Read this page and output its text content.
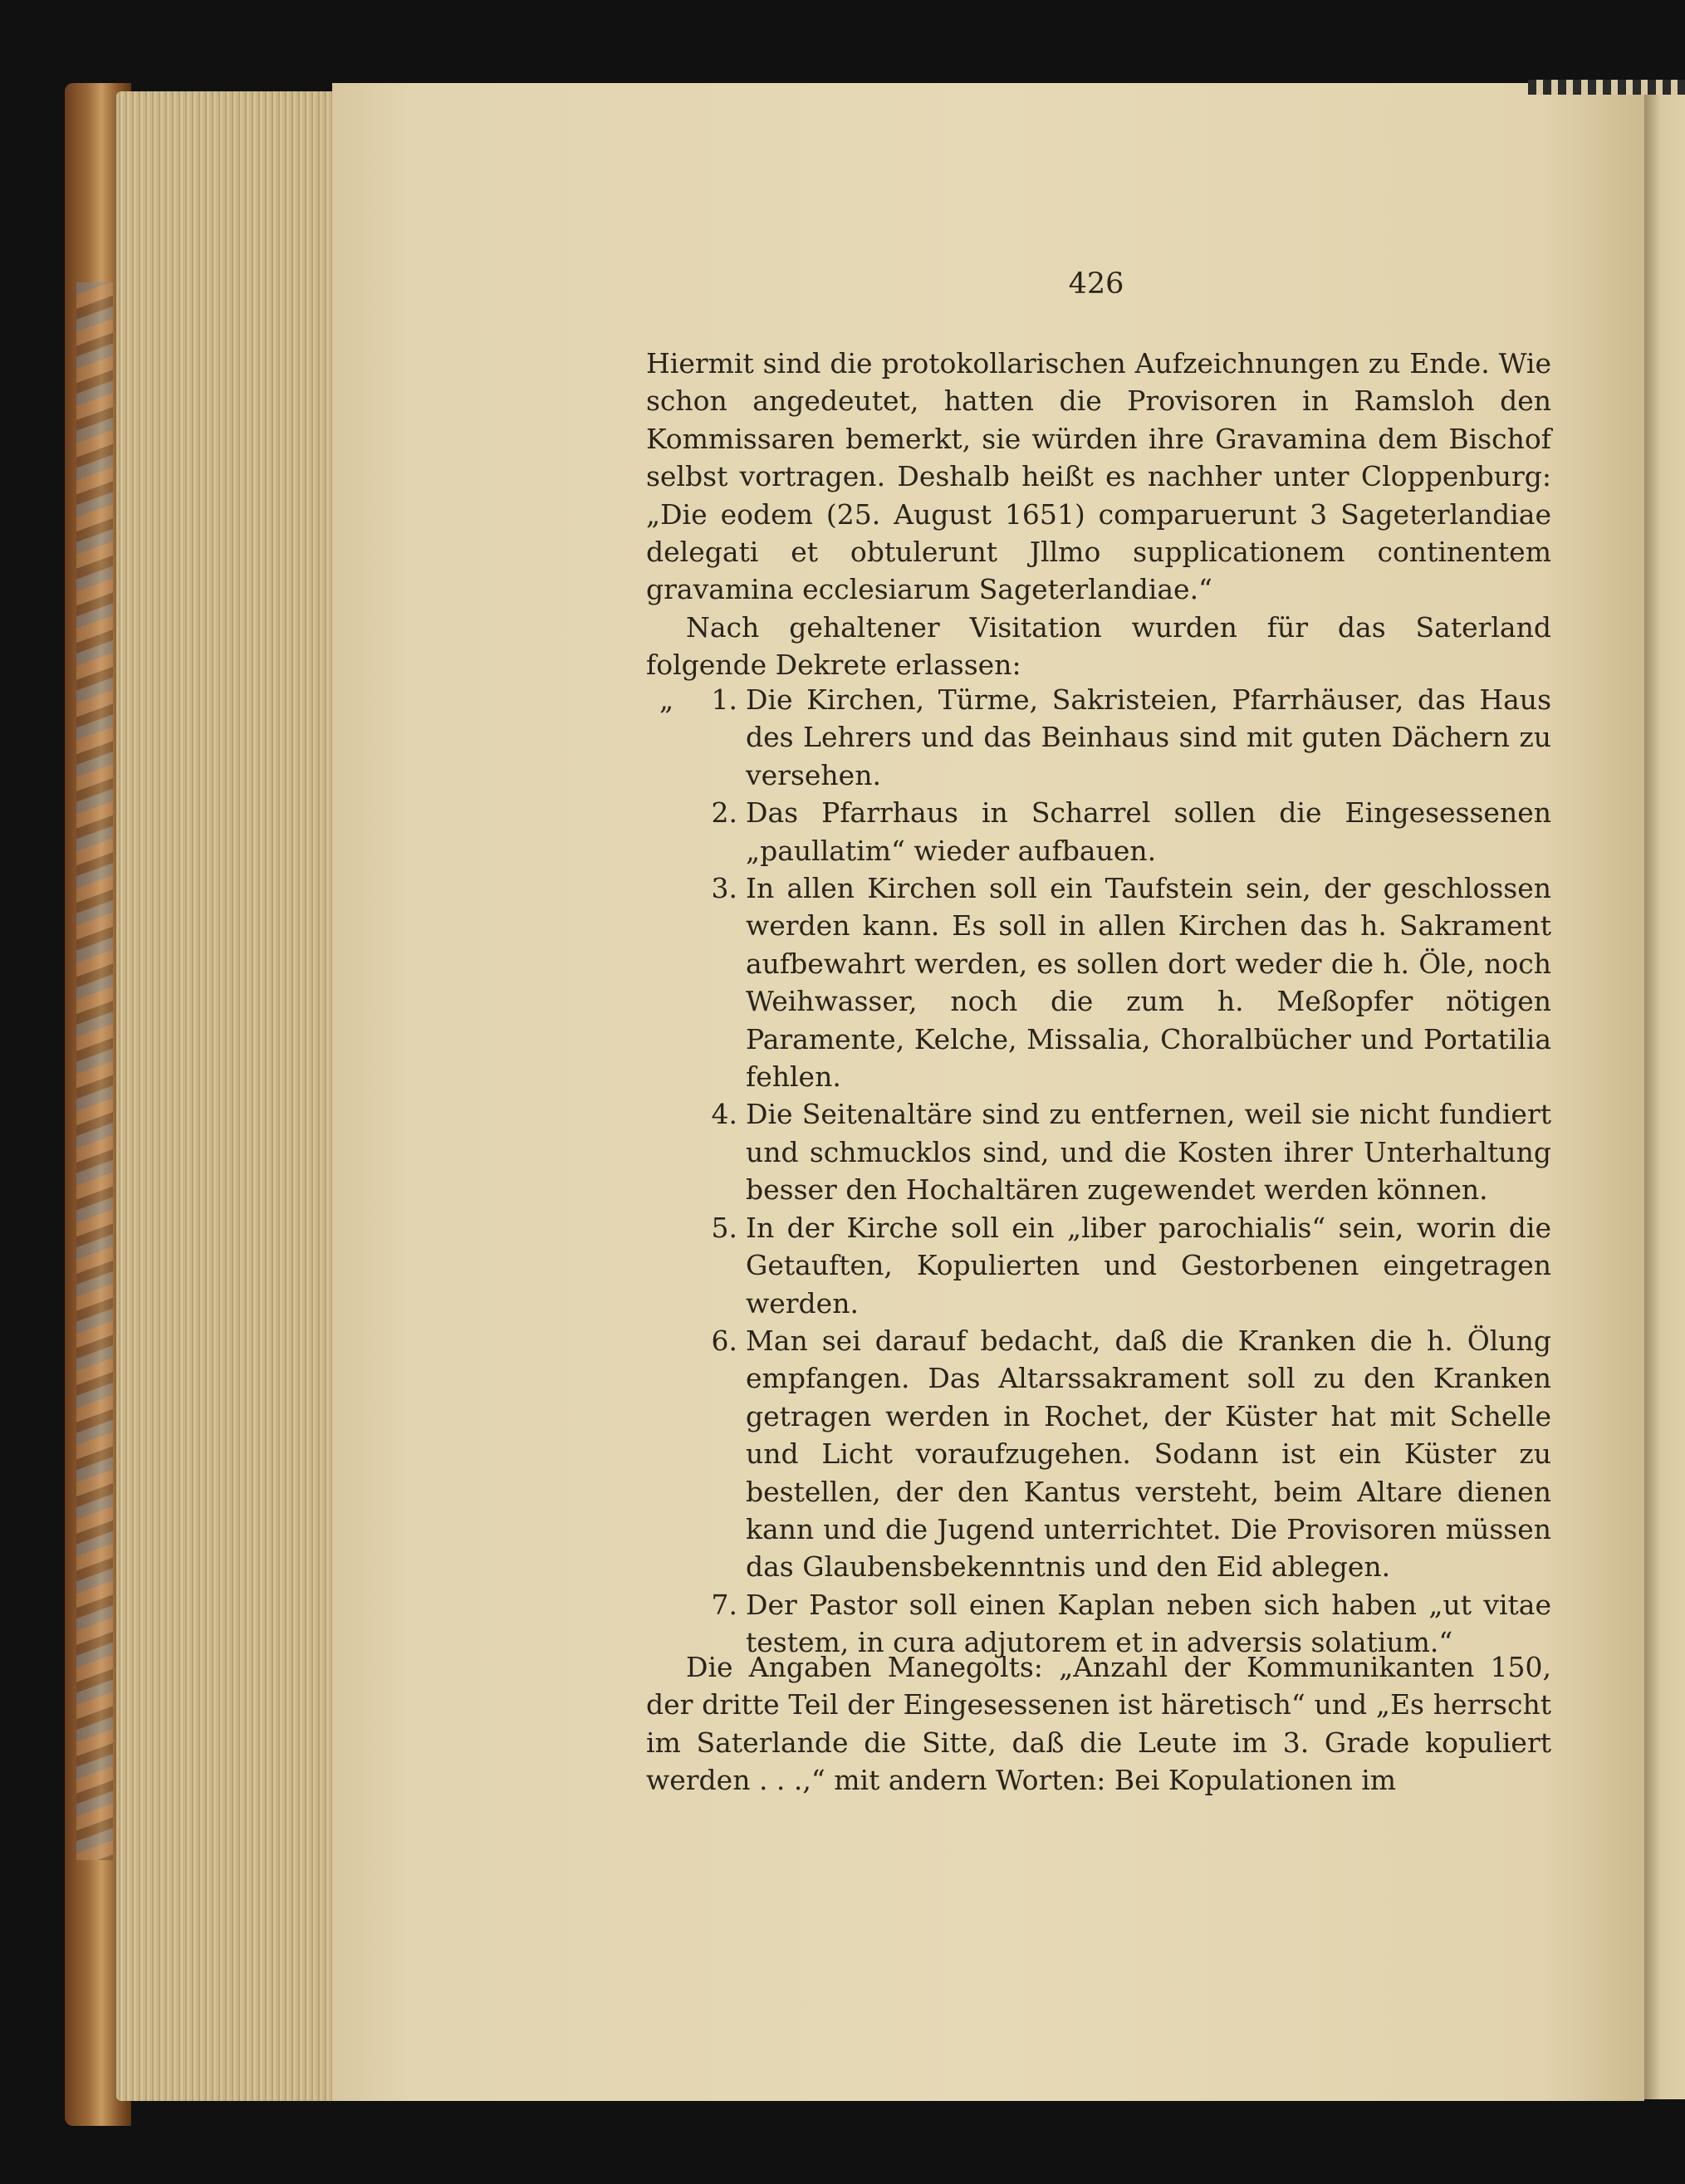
426

Hiermit sind die protokollarischen Aufzeichnungen zu Ende. Wie schon angedeutet, hatten die Provisoren in Ramsloh den Kommissaren bemerkt, sie würden ihre Gravamina dem Bischof selbst vortragen. Deshalb heißt es nachher unter Cloppenburg: „Die eodem (25. August 1651) comparuerunt 3 Sageterlandiae delegati et obtulerunt Jllmo supplicationem continentem gravamina ecclesiarum Sageterlandiae.“

Nach gehaltener Visitation wurden für das Saterland folgende Dekrete erlassen:

„	1. Die Kirchen, Türme, Sakristeien, Pfarrhäuser, das Haus des Lehrers und das Beinhaus sind mit guten Dächern zu versehen.
2. Das Pfarrhaus in Scharrel sollen die Eingesessenen „paullatim“ wieder aufbauen.
3. In allen Kirchen soll ein Taufstein sein, der geschlossen werden kann. Es soll in allen Kirchen das h. Sakrament aufbewahrt werden, es sollen dort weder die h. Öle, noch Weihwasser, noch die zum h. Meßopfer nötigen Paramente, Kelche, Missalia, Choralbücher und Portatilia fehlen.
4. Die Seitenaltäre sind zu entfernen, weil sie nicht fundiert und schmucklos sind, und die Kosten ihrer Unterhaltung besser den Hochaltären zugewendet werden können.
5. In der Kirche soll ein „liber parochialis“ sein, worin die Getauften, Kopulierten und Gestorbenen eingetragen werden.
6. Man sei darauf bedacht, daß die Kranken die h. Ölung empfangen. Das Altarssakrament soll zu den Kranken getragen werden in Rochet, der Küster hat mit Schelle und Licht voraufzugehen. Sodann ist ein Küster zu bestellen, der den Kantus versteht, beim Altare dienen kann und die Jugend unterrichtet. Die Provisoren müssen das Glaubensbekenntnis und den Eid ablegen.
7. Der Pastor soll einen Kaplan neben sich haben „ut vitae testem, in cura adjutorem et in adversis solatium.“

Die Angaben Manegolts: „Anzahl der Kommunikanten 150, der dritte Teil der Eingesessenen ist häretisch“ und „Es herrscht im Saterlande die Sitte, daß die Leute im 3. Grade kopuliert werden . . .,“ mit andern Worten: Bei Kopulationen im
